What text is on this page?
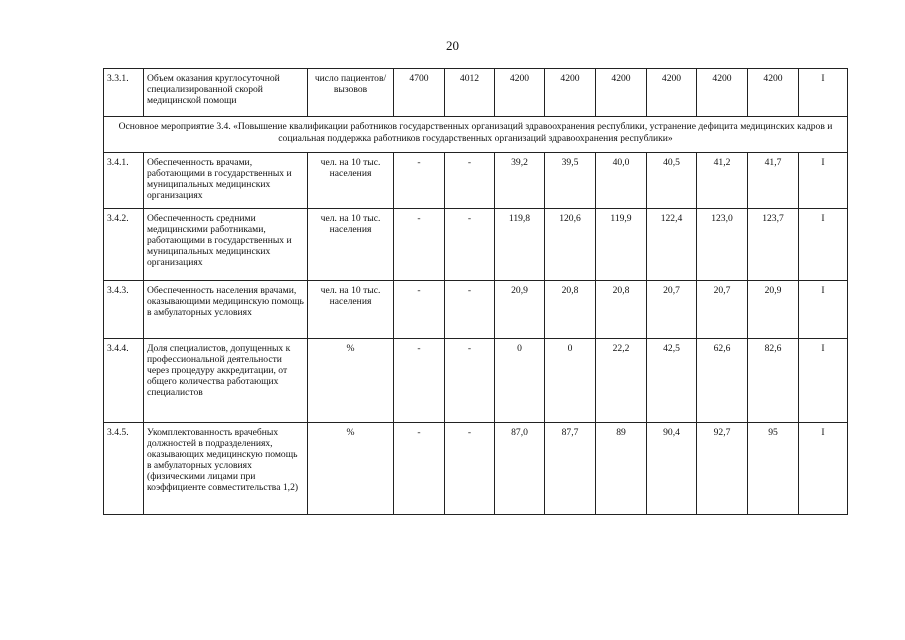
20
3.3.1.	Объем оказания круглосуточной специализированной скорой медицинской помощи	число пациентов/ вызовов	4700	4012	4200	4200	4200	4200	4200	4200	I
Основное мероприятие 3.4. «Повышение квалификации работников государственных организаций здравоохранения республики, устранение дефицита медицинских кадров и социальная поддержка работников государственных организаций здравоохранения республики»											
3.4.1.	Обеспеченность врачами, работающими в государственных и муниципальных медицинских организациях	чел. на 10 тыс. населения	-	-	39,2	39,5	40,0	40,5	41,2	41,7	I
3.4.2.	Обеспеченность средними медицинскими работниками, работающими в государственных и муниципальных медицинских организациях	чел. на 10 тыс. населения	-	-	119,8	120,6	119,9	122,4	123,0	123,7	I
3.4.3.	Обеспеченность населения врачами, оказывающими медицинскую помощь в амбулаторных условиях	чел. на 10 тыс. населения	-	-	20,9	20,8	20,8	20,7	20,7	20,9	I
3.4.4.	Доля специалистов, допущенных к профессиональной деятельности через процедуру аккредитации, от общего количества работающих специалистов	%	-	-	0	0	22,2	42,5	62,6	82,6	I
3.4.5.	Укомплектованность врачебных должностей в подразделениях, оказывающих медицинскую помощь в амбулаторных условиях (физическими лицами при коэффициенте совместительства 1,2)	%	-	-	87,0	87,7	89	90,4	92,7	95	I
